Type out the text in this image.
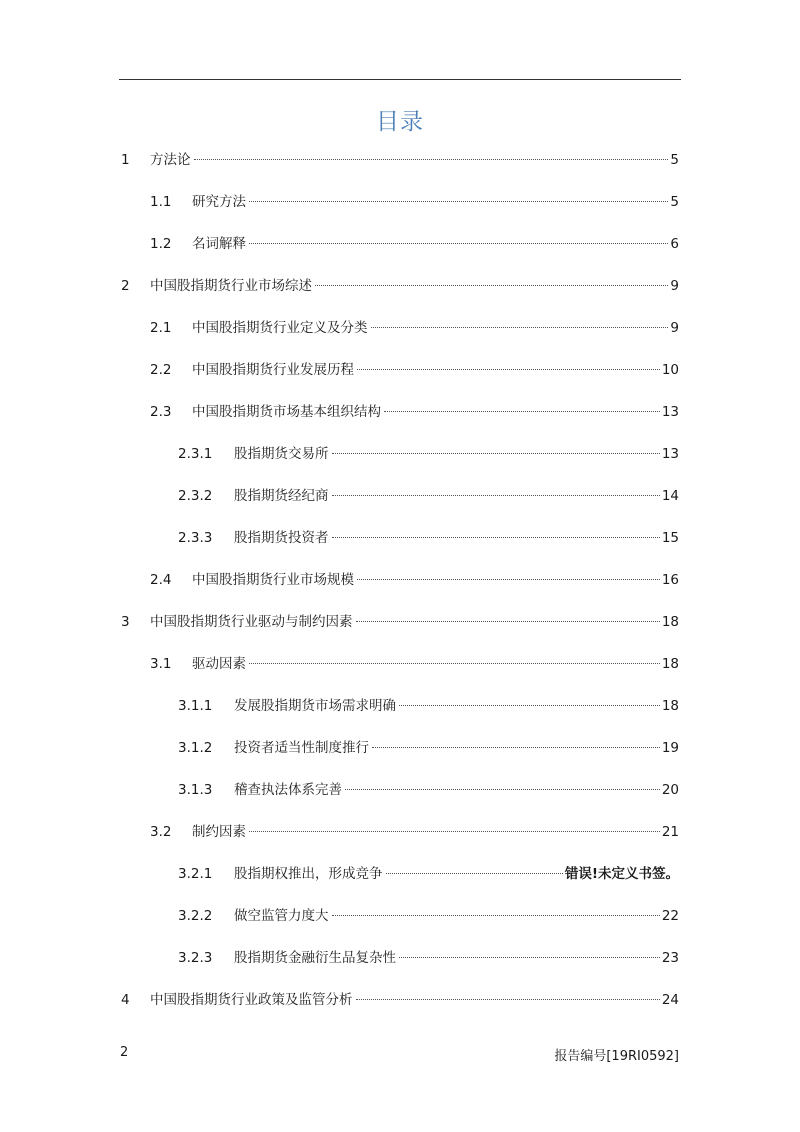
目录
1 方法论	5
1.1 研究方法	5
1.2 名词解释	6
2 中国股指期货行业市场综述	9
2.1 中国股指期货行业定义及分类	9
2.2 中国股指期货行业发展历程	10
2.3 中国股指期货市场基本组织结构	13
2.3.1 股指期货交易所	13
2.3.2 股指期货经纪商	14
2.3.3 股指期货投资者	15
2.4 中国股指期货行业市场规模	16
3 中国股指期货行业驱动与制约因素	18
3.1 驱动因素	18
3.1.1 发展股指期货市场需求明确	18
3.1.2 投资者适当性制度推行	19
3.1.3 稽查执法体系完善	20
3.2 制约因素	21
3.2.1 股指期权推出，形成竞争	错误!未定义书签。
3.2.2 做空监管力度大	22
3.2.3 股指期货金融衍生品复杂性	23
4 中国股指期货行业政策及监管分析	24
2	报告编号[19RI0592]
